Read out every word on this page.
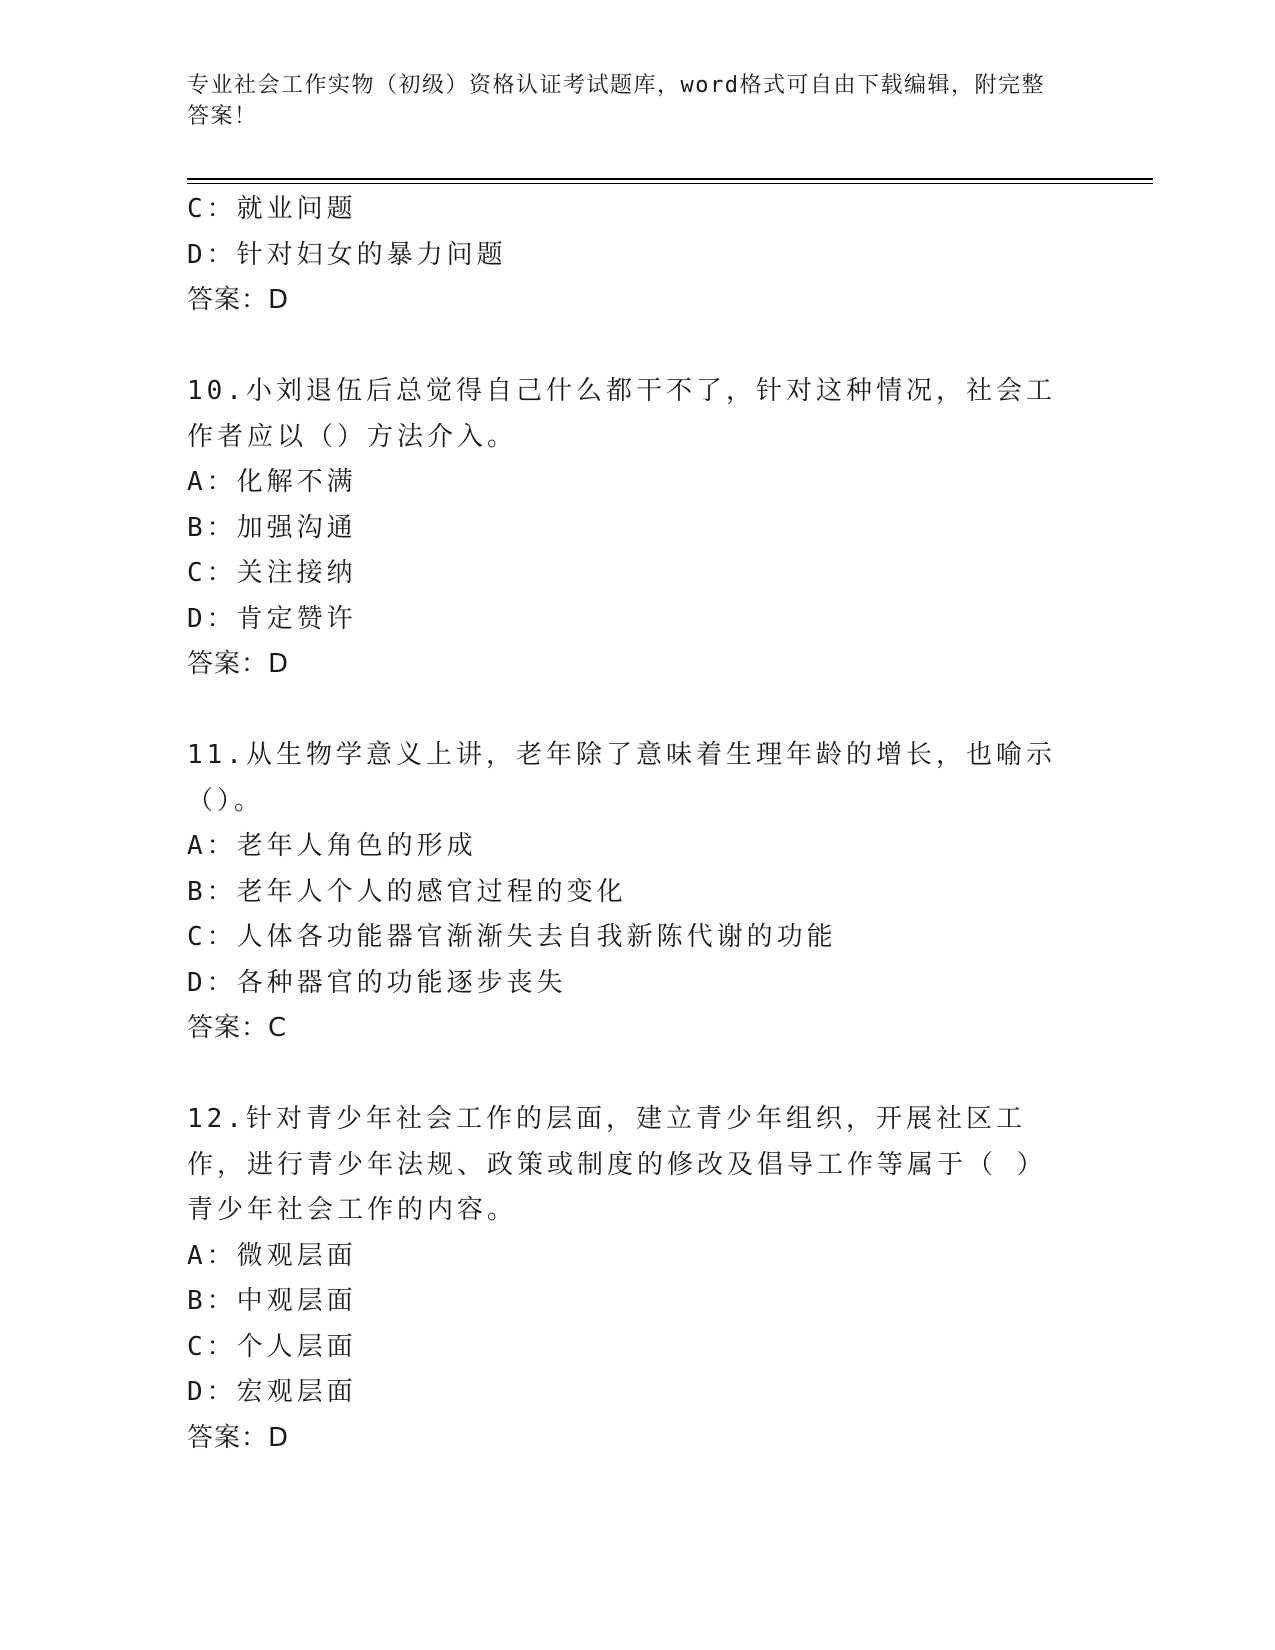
专业社会工作实物（初级）资格认证考试题库，word格式可自由下载编辑，附完整答案！
C：就业问题
D：针对妇女的暴力问题
答案：D
10.小刘退伍后总觉得自己什么都干不了，针对这种情况，社会工作者应以（）方法介入。
A：化解不满
B：加强沟通
C：关注接纳
D：肯定赞许
答案：D
11.从生物学意义上讲，老年除了意味着生理年龄的增长，也喻示（）。
A：老年人角色的形成
B：老年人个人的感官过程的变化
C：人体各功能器官渐渐失去自我新陈代谢的功能
D：各种器官的功能逐步丧失
答案：C
12.针对青少年社会工作的层面，建立青少年组织，开展社区工作，进行青少年法规、政策或制度的修改及倡导工作等属于（ ）青少年社会工作的内容。
A：微观层面
B：中观层面
C：个人层面
D：宏观层面
答案：D
